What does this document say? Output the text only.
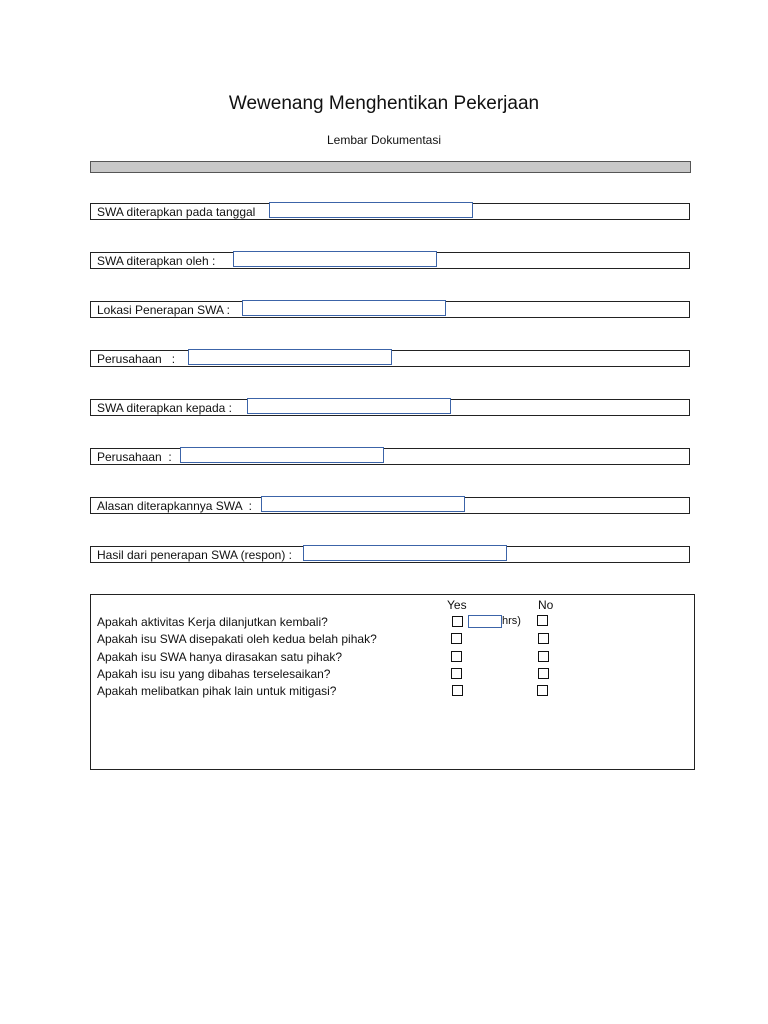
Wewenang Menghentikan Pekerjaan
Lembar Dokumentasi
SWA diterapkan pada tanggal
SWA diterapkan oleh :
Lokasi Penerapan SWA :
Perusahaan   :
SWA diterapkan kepada :
Perusahaan  :
Alasan diterapkannya SWA  :
Hasil dari penerapan SWA (respon) :
Yes	No
Apakah aktivitas Kerja dilanjutkan kembali?
Apakah isu SWA disepakati oleh kedua belah pihak?
Apakah isu SWA hanya dirasakan satu pihak?
Apakah isu isu yang dibahas terselesaikan?
Apakah melibatkan pihak lain untuk mitigasi?
hrs)
